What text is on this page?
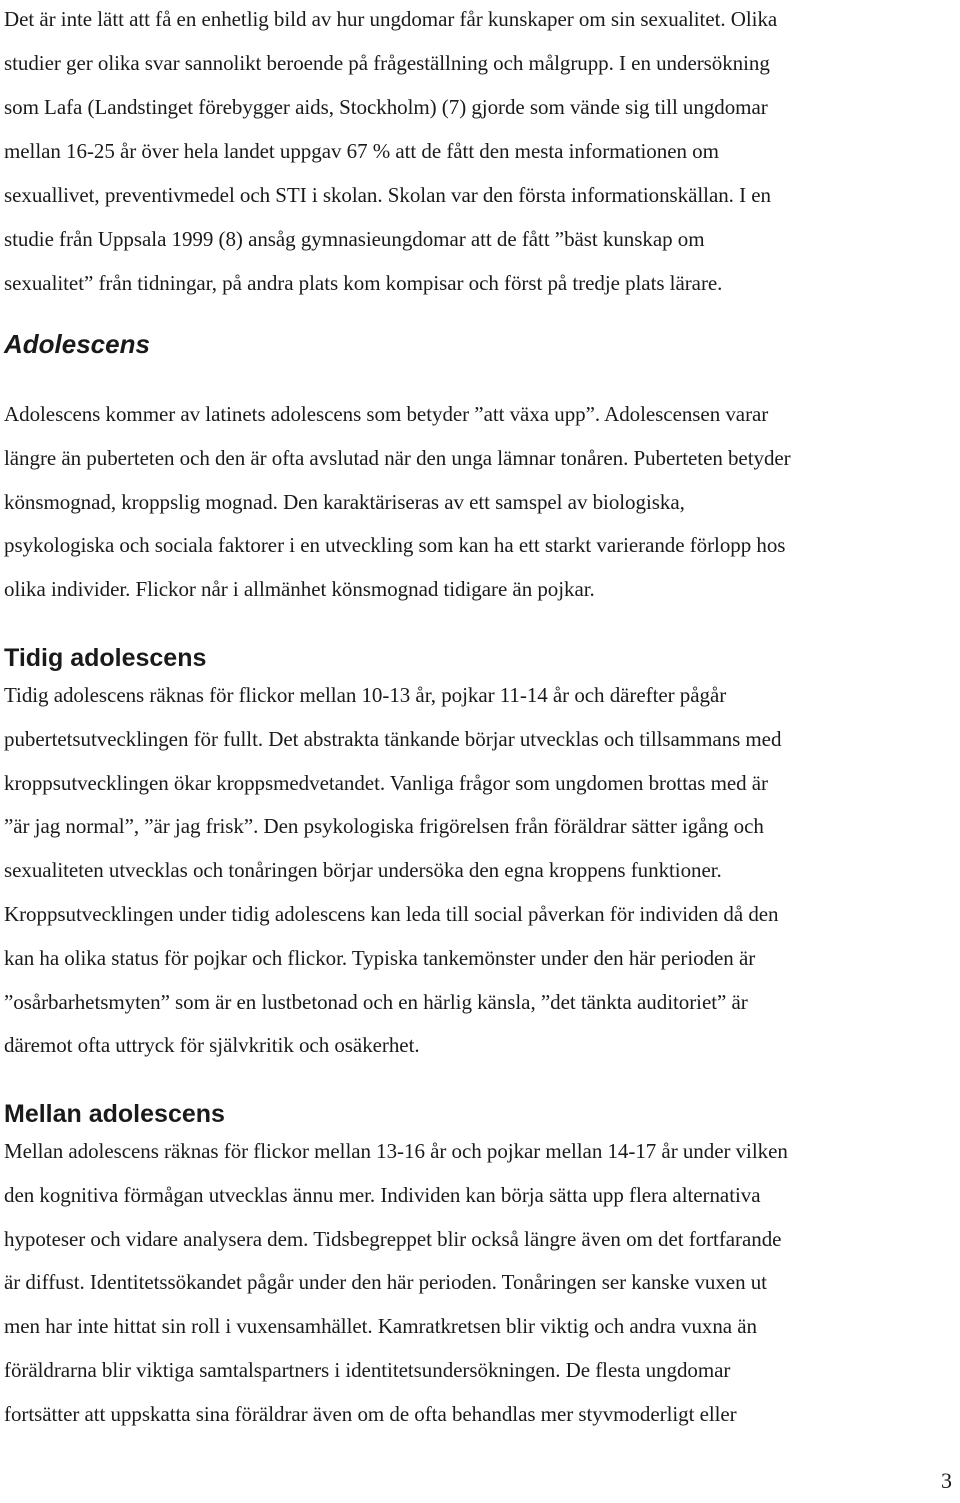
Det är inte lätt att få en enhetlig bild av hur ungdomar får kunskaper om sin sexualitet. Olika
studier ger olika svar sannolikt beroende på frågeställning och målgrupp. I en undersökning
som Lafa (Landstinget förebygger aids, Stockholm) (7) gjorde som vände sig till ungdomar
mellan 16-25 år över hela landet uppgav 67 % att de fått den mesta informationen om
sexuallivet, preventivmedel och STI i skolan. Skolan var den första informationskällan. I en
studie från Uppsala 1999 (8) ansåg gymnasieungdomar att de fått ”bäst kunskap om
sexualitet” från tidningar, på andra plats kom kompisar och först på tredje plats lärare.

Adolescens

Adolescens kommer av latinets adolescens som betyder ”att växa upp”. Adolescensen varar
längre än puberteten och den är ofta avslutad när den unga lämnar tonåren. Puberteten betyder
könsmognad, kroppslig mognad. Den karaktäriseras av ett samspel av biologiska,
psykologiska och sociala faktorer i en utveckling som kan ha ett starkt varierande förlopp hos
olika individer. Flickor når i allmänhet könsmognad tidigare än pojkar.

Tidig adolescens

Tidig adolescens räknas för flickor mellan 10-13 år, pojkar 11-14 år och därefter pågår
pubertetsutvecklingen för fullt. Det abstrakta tänkande börjar utvecklas och tillsammans med
kroppsutvecklingen ökar kroppsmedvetandet. Vanliga frågor som ungdomen brottas med är
”är jag normal”, ”är jag frisk”. Den psykologiska frigörelsen från föräldrar sätter igång och
sexualiteten utvecklas och tonåringen börjar undersöka den egna kroppens funktioner.
Kroppsutvecklingen under tidig adolescens kan leda till social påverkan för individen då den
kan ha olika status för pojkar och flickor. Typiska tankemönster under den här perioden är
”osårbarhetsmyten” som är en lustbetonad och en härlig känsla, ”det tänkta auditoriet” är
däremot ofta uttryck för självkritik och osäkerhet.

Mellan adolescens

Mellan adolescens räknas för flickor mellan 13-16 år och pojkar mellan 14-17 år under vilken
den kognitiva förmågan utvecklas ännu mer. Individen kan börja sätta upp flera alternativa
hypoteser och vidare analysera dem. Tidsbegreppet blir också längre även om det fortfarande
är diffust. Identitetssökandet pågår under den här perioden. Tonåringen ser kanske vuxen ut
men har inte hittat sin roll i vuxensamhället. Kamratkretsen blir viktig och andra vuxna än
föräldrarna blir viktiga samtalspartners i identitetsundersökningen. De flesta ungdomar
fortsätter att uppskatta sina föräldrar även om de ofta behandlas mer styvmoderligt eller

3
